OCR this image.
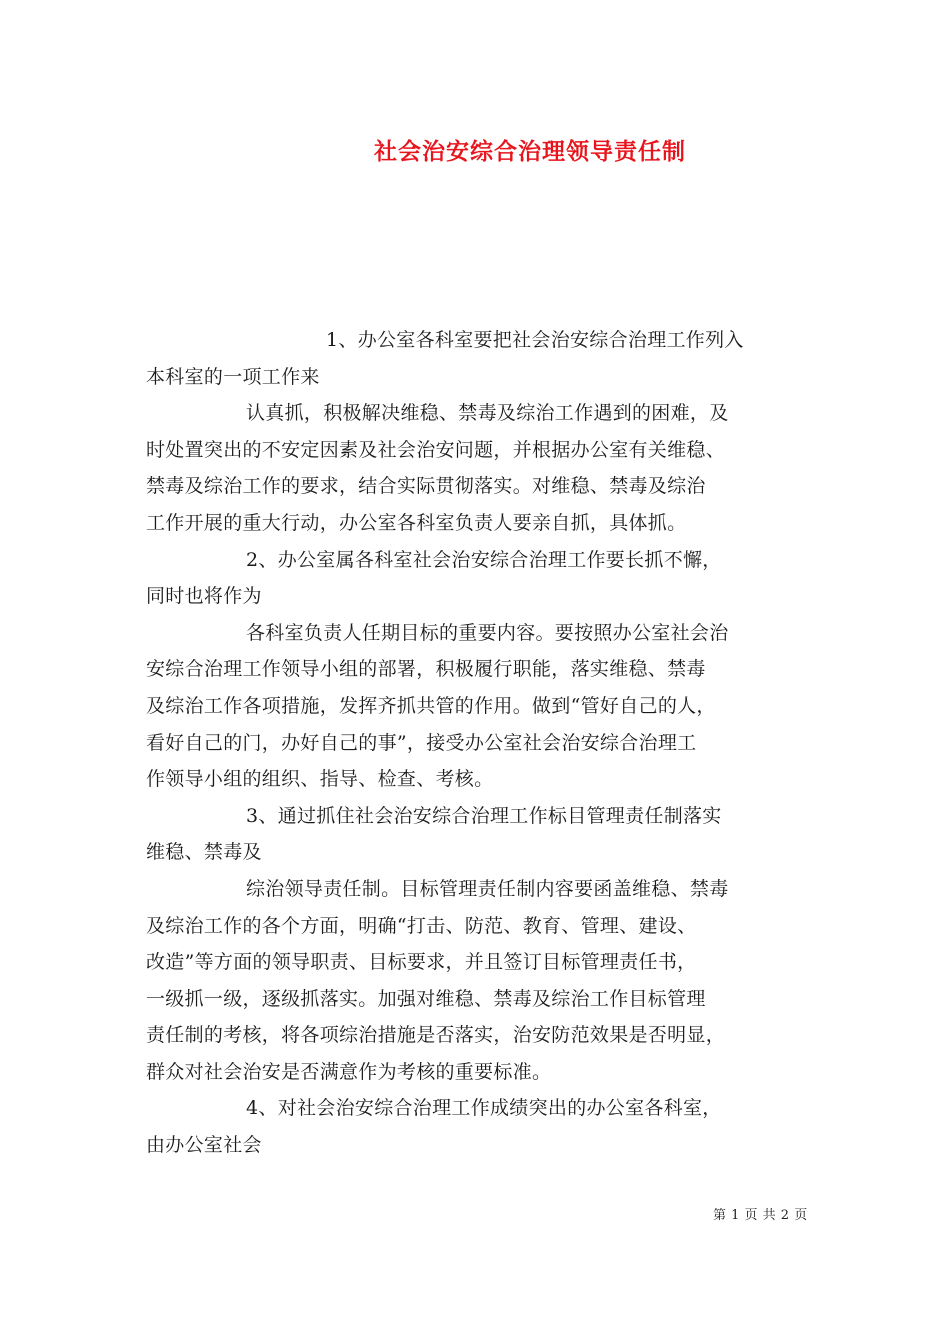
社会治安综合治理领导责任制
1、办公室各科室要把社会治安综合治理工作列入
本科室的一项工作来
认真抓，积极解决维稳、禁毒及综治工作遇到的困难，及
时处置突出的不安定因素及社会治安问题，并根据办公室有关维稳、
禁毒及综治工作的要求，结合实际贯彻落实。对维稳、禁毒及综治
工作开展的重大行动，办公室各科室负责人要亲自抓，具体抓。
2、办公室属各科室社会治安综合治理工作要长抓不懈，
同时也将作为
各科室负责人任期目标的重要内容。要按照办公室社会治
安综合治理工作领导小组的部署，积极履行职能，落实维稳、禁毒
及综治工作各项措施，发挥齐抓共管的作用。做到“管好自己的人，
看好自己的门，办好自己的事”，接受办公室社会治安综合治理工
作领导小组的组织、指导、检查、考核。
3、通过抓住社会治安综合治理工作标目管理责任制落实
维稳、禁毒及
综治领导责任制。目标管理责任制内容要函盖维稳、禁毒
及综治工作的各个方面，明确“打击、防范、教育、管理、建设、
改造”等方面的领导职责、目标要求，并且签订目标管理责任书，
一级抓一级，逐级抓落实。加强对维稳、禁毒及综治工作目标管理
责任制的考核，将各项综治措施是否落实，治安防范效果是否明显，
群众对社会治安是否满意作为考核的重要标准。
4、对社会治安综合治理工作成绩突出的办公室各科室，
由办公室社会
第 1 页 共 2 页
